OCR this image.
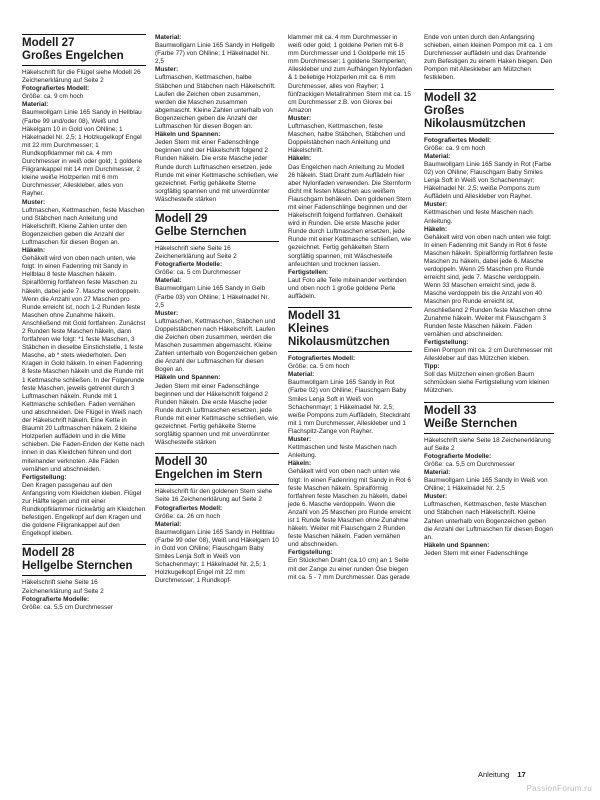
Modell 27
Großes Engelchen

Häkelschrift für die Flügel siehe Modell 26 Zeichenerklärung auf Seite 2

Fotografiertes Modell:

Größe: ca. 9 cm hoch

Material:

Baumwollgarn Linie 165 Sandy in Hellblau (Farbe 99 und/oder 08), Weiß und Häkelgarn 10 in Gold von ONline; 1 Häkelnadel Nr. 2,5; 1 Holzkugelkopf Engel mit 22 mm Durchmesser; 1 Rundkopfklammer mit ca. 4 mm Durchmesser in weiß oder gold; 1 goldene Filigrankappel mit 14 mm Durchmesser, 2 kleine weiße Holzperlen mit 6 mm Durchmesser; Alleskleber, alles von Rayher.

Muster:

Luftmaschen, Kettmaschen, feste Maschen und Stäbchen nach Anleitung und Häkelschrift. Kleine Zahlen unter den Bogenzeichen geben die Anzahl der Luftmaschen für diesen Bogen an.

Häkeln:

Gehäkelt wird von oben nach unten, wie folgt: In einen Fadenring mit Sandy in Hellblau 8 feste Maschen häkeln. Spiralförmig fortfahren feste Maschen zu häkeln, dabei jede 7. Masche verdoppeln. Wenn die Anzahl von 27 Maschen pro Runde erreicht ist, noch 1-2 Runden feste Maschen ohne Zunahme häkeln. Anschließend mit Gold fortfahren. Zunächst 2 Runden feste Maschen häkeln, dann fortfahren wie folgt: *1 feste Maschen, 3 Stäbchen in dieselbe Einstichstelle, 1 feste Masche, ab * stets wiederholen. Den Kragen in Gold häkeln. In einen Fadenring 8 feste Maschen häkeln und die Runde mit 1 Kettmasche schließen. In der Folgerunde feste Maschen, jeweils getrennt durch 3 Luftmaschen häkeln. Runde mit 1 Kettmasche schließen. Faden vernähen und abschneiden. Die Flügel in Weiß nach der Häkelschrift häkeln. Eine Kette in Blaumit 20 Luftmaschen häkeln. 2 kleine Holzperlen auffädeln und in die Mitte schieben. Die Faden-Enden der Kette nach innen in das Kleidchen führen und dort miteinander verknoten. Alle Fäden vernähen und abschneiden.

Fertigstellung:

Den Kragen passgenau auf den Anfangsring vom Kleidchen kleben. Flügel zur Hälfte legen und mit einer Rundkopfklammer rückwärtig am Kleidchen befestigen. Engelkopf auf den Kragen und die goldene Filigrankappel auf den Engelkopf kleben.

Modell 28
Hellgelbe Sternchen

Häkelschrift siehe Seite 16 Zeichenerklärung auf Seite 2

Fotografierte Modelle:

Größe: ca. 5,5 cm Durchmesser

Material:

Baumwollgarn Linie 165 Sandy in Hellgelb (Farbe 77) von ONline; 1 Häkelnadel Nr. 2,5

Muster:

Luftmaschen, Kettmaschen, halbe Stäbchen und Stäbchen nach Häkelschrift. Laufen die Zeichen oben zusammen, werden die Maschen zusammen abgemascht. Kleine Zahlen unterhalb von Bogenzeichen geben die Anzahl der Luftmaschen für diesen Bogen an.

Häkeln und Spannen:

Jeden Stern mit einer Fadenschlinge beginnen und der Häkelschrift folgend 2 Runden häkeln. Die erste Masche jeder Runde durch Luftmaschen ersetzen, jede Runde mit einer Kettmasche schließen, wie gezeichnet. Fertig gehäkelte Sterne sorgfältig spannen und mit unverdünnter Wäschesteife stärken

Modell 29
Gelbe Sternchen

Häkelschrift siehe Seite 16 Zeichenerklärung auf Seite 2

Fotografierte Modelle:

Größe: ca. 5 cm Durchmesser

Material:

Baumwollgarn Linie 165 Sandy in Gelb (Farbe 03) von ONline; 1 Häkelnadel Nr. 2,5

Muster:

Luftmaschen, Kettmaschen, Stäbchen und Doppelstäbchen nach Häkelschrift. Laufen die Zeichen oben zusammen, werden die Maschen zusammen abgemascht. Kleine Zahlen unterhalb von Bogenzeichen geben die Anzahl der Luftmaschen für diesen Bogen an.

Häkeln und Spannen:

Jeden Stern mit einer Fadenschlinge beginnen und der Häkelschrift folgend 2 Runden häkeln. Die erste Masche jeder Runde durch Luftmaschen ersetzen, jede Runde mit einer Kettmasche schließen, wie gezeichnet. Fertig gehäkelte Sterne sorgfältig spannen und mit unverdünnter Wäschesteife stärken

Modell 30
Engelchen im Stern

Häkelschrift für den goldenen Stern siehe Seite 16 Zeichenerklärung auf Seite 2

Fotografiertes Modell:

Größe: ca. 26 cm hoch

Material:

Baumwollgarn Linie 165 Sandy in Hellblau (Farbe 99 oder 08), Weiß und Häkelgarn 10 in Gold von ONline; Flauschgarn Baby Smiles Lenja Soft in Weiß von Schachenmayr; 1 Häkelnadel Nr. 2,5; 1 Holzkugelkopf Engel mit 22 mm Durchmesser; 1 Rundkopf-

klammer mit ca. 4 mm Durchmesser in weiß oder gold; 1 goldene Perlen mit 6-8 mm Durchmesser und 1 Goldperle mit 15 mm Durchmesser; 1 goldene Sternperlen; Alleskleber und zum Aufhängen Nylonfaden & 1 beliebige Holzperlen mit ca. 6 mm Durchmesser, alles von Rayher; 1 fünfzackigen Metallrahmen Stern mit ca. 15 cm Durchmesser z.B. von Glorex bei Amazon

Muster:

Luftmaschen, Kettmaschen, feste Maschen, halbe Stäbchen, Stäbchen und Doppelstäbchen nach Anleitung und Häkelschrift.

Häkeln:

Das Engelchen nach Anleitung zu Modell 26 häkeln. Statt Draht zum Auffädeln hier aber Nylonfaden verwenden. Die Sternform dicht mit festen Maschen aus weißem Flauschgarn behäkeln. Den goldenen Stern mit einer Fadenschlinge beginnen und der Häkelschrift folgend fortfahren. Gehäkelt wird in Runden. Die erste Masche jeder Runde durch Luftmaschen ersetzen, jede Runde mit einer Kettmasche schließen, wie gezeichnet. Fertig gehäkelten Stern sorgfältig spannen, mit Wäschesteife anfeuchten und trocknen lassen.

Fertigstellen:

Laut Foto alle Teile miteinander verbinden und oben noch 1 große goldene Perle auffädeln.

Modell 31
Kleines Nikolausmützchen

Fotografiertes Modell:

Größe: ca. 5 cm hoch

Material:

Baumwollgarn Linie 165 Sandy in Rot (Farbe 02) von ONline; Flauschgarn Baby Smiles Lenja Soft in Weiß von Schachenmayr; 1 Häkelnadel Nr. 2,5; weiße Pompons zum Auffädeln, Steckdraht mit 1 mm Durchmesser, Alleskleber und 1 Flachspitz-Zange von Rayher.

Muster:

Kettmaschen und feste Maschen nach Anleitung.

Häkeln:

Gehäkelt wird von oben nach unten wie folgt: In einen Fadenring mit Sandy in Rot 6 feste Maschen häkeln. Spiralförmig fortfahren feste Maschen zu häkeln, dabei jede 6. Masche verdoppeln. Wenn die Anzahl von 25 Maschen pro Runde erreicht ist 1 Runde feste Maschen ohne Zunahme häkeln. Weiter mit Flauschgarn 2 Runden feste Maschen häkeln. Faden vernähen und abschneiden.

Fertigstellung:

Ein Stückchen Draht (ca.10 cm) an 1 Seite mit der Zange zu einer runden Öse biegen mit ca. 5 - 7 mm Durchmesser. Das gerade

Ende von unten durch den Anfangsring schieben, einen kleinen Pompon mit ca. 1 cm Durchmesser auffädeln und das Drahtende zum Befestigen zu einem Haken biegen. Den Pompon mit Alleskleber am Mützchen festkleben.

Modell 32
Großes Nikolausmützchen

Fotografiertes Modell:

Größe: ca. 9 cm hoch

Material:

Baumwollgarn Linie 165 Sandy in Rot (Farbe 02) von ONline; Flauschgarn Baby Smiles Lenja Soft in Weiß von Schachenmayr; Häkelnadel Nr. 2,5; weiße Pompons zum Auffädeln und Alleskleber von Rayher.

Muster:

Kettmaschen und feste Maschen nach Anleitung.

Häkeln:

Gehäkelt wird von oben nach unten wie folgt: In einen Fadenring mit Sandy in Rot 6 feste Maschen häkeln. Spiralförmig fortfahren feste Maschen zu häkeln, dabei jede 6. Masche verdoppeln. Wenn 25 Maschen pro Runde erreicht sind, jede 7. Masche verdoppeln. Wenn 33 Maschen erreicht sind, jede 8. Masche verdoppeln bis die Anzahl von 40 Maschen pro Runde erreicht ist. Anschließend 2 Runden feste Maschen ohne Zunahme häkeln. Weiter mit Flauschgarn 3 Runden feste Maschen häkeln. Fäden vernähen und abschneiden.

Fertigstellung:

Einen Pompon mit ca. 2 cm Durchmesser mit Alleskleber auf das Mützchen kleben.

Tipp:

Soll das Mützchen einen großen Baum schmücken siehe Fertigstellung vom kleinen Mützchen.

Modell 33
Weiße Sternchen

Häkelschrift siehe Seite 18 Zeichenerklärung auf Seite 2

Fotografierte Modelle:

Größe: ca. 5,5 cm Durchmesser

Material:

Baumwollgarn Linie 165 Sandy in Weiß von ONline; 1 Häkelnadel Nr. 2,5

Muster:

Luftmaschen, Kettmaschen, feste Maschen und Stäbchen nach Häkelschrift. Kleine Zahlen unterhalb von Bogenzeichen geben die Anzahl der Luftmaschen für diesen Bogen an.

Häkeln und Spannen:

Jeden Stern mit einer Fadenschlinge

Anleitung 17
PassionForum.ru
